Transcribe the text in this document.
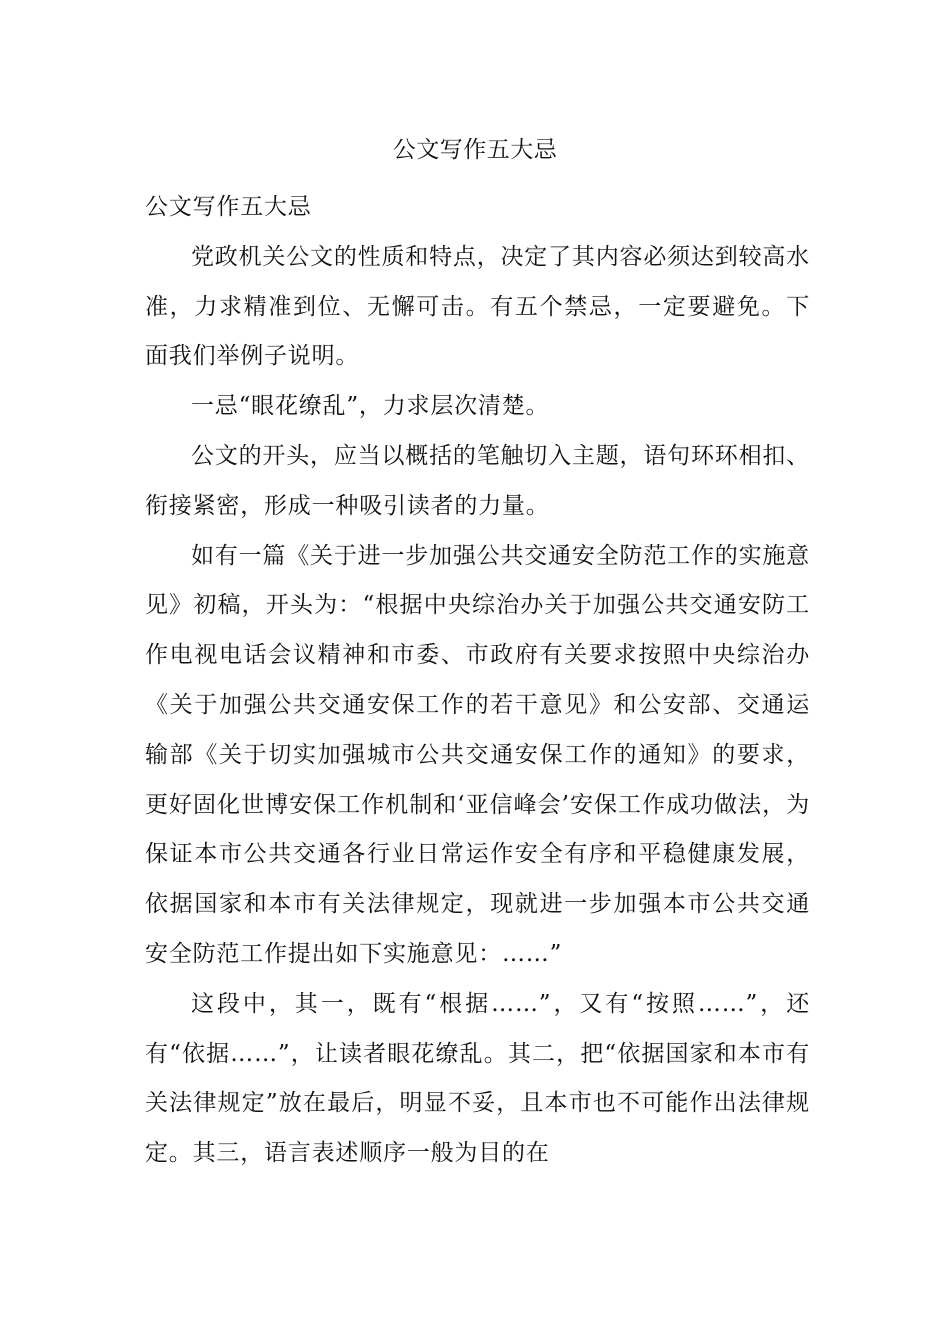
公文写作五大忌

公文写作五大忌

党政机关公文的性质和特点，决定了其内容必须达到较高水准，力求精准到位、无懈可击。有五个禁忌，一定要避免。下面我们举例子说明。

一忌“眼花缭乱”，力求层次清楚。

公文的开头，应当以概括的笔触切入主题，语句环环相扣、衔接紧密，形成一种吸引读者的力量。

如有一篇《关于进一步加强公共交通安全防范工作的实施意见》初稿，开头为：“根据中央综治办关于加强公共交通安防工作电视电话会议精神和市委、市政府有关要求按照中央综治办《关于加强公共交通安保工作的若干意见》和公安部、交通运输部《关于切实加强城市公共交通安保工作的通知》的要求，更好固化世博安保工作机制和‘亚信峰会’安保工作成功做法，为保证本市公共交通各行业日常运作安全有序和平稳健康发展，依据国家和本市有关法律规定，现就进一步加强本市公共交通安全防范工作提出如下实施意见：……”

这段中，其一，既有“根据……”，又有“按照……”，还有“依据……”，让读者眼花缭乱。其二，把“依据国家和本市有关法律规定”放在最后，明显不妥，且本市也不可能作出法律规定。其三，语言表述顺序一般为目的在
